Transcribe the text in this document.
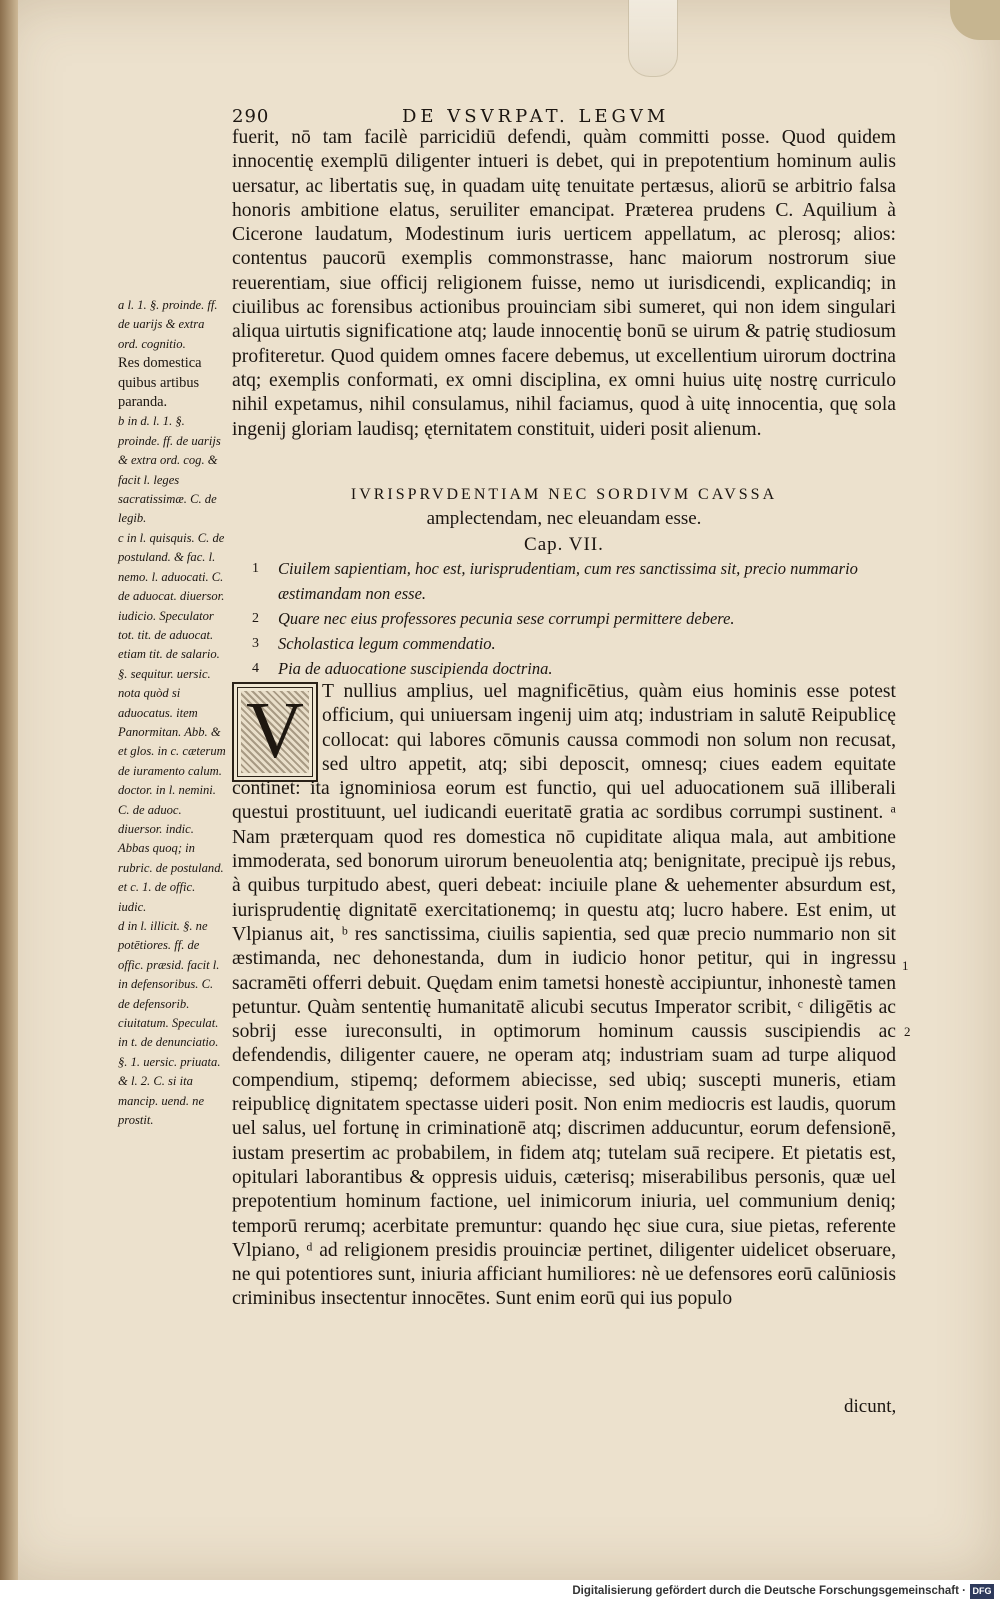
290	DE VSVRPAT. LEGVM

fuerit, nō tam facilè parricidiū defendi, quàm committi posse. Quod quidem innocentię exemplū diligenter intueri is debet, qui in prepotentium hominum aulis uersatur, ac libertatis suę, in quadam uitę tenuitate pertæsus, aliorū se arbitrio falsa honoris ambitione elatus, seruiliter emancipat. Præterea prudens C. Aquilium à Cicerone laudatum, Modestinum iuris uerticem appellatum, ac plerosq; alios: contentus paucorū exemplis commonstrasse, hanc maiorum nostrorum siue reuerentiam, siue officij religionem fuisse, nemo ut iurisdicendi, explicandiq; in ciuilibus ac forensibus actionibus prouinciam sibi sumeret, qui non idem singulari aliqua uirtutis significatione atq; laude innocentię bonū se uirum & patrię studiosum profiteretur. Quod quidem omnes facere debemus, ut excellentium uirorum doctrina atq; exemplis conformati, ex omni disciplina, ex omni huius uitę nostrę curriculo nihil expetamus, nihil consulamus, nihil faciamus, quod à uitę innocentia, quę sola ingenij gloriam laudisq; ęternitatem constituit, uideri posit alienum.

IVRISPRVDENTIAM NEC SORDIVM CAVSSA
amplectendam, nec eleuandam esse.
Cap. VII.
1 Ciuilem sapientiam, hoc est, iurisprudentiam, cum res sanctissima sit, precio nummario æstimandam non esse.
2 Quare nec eius professores pecunia sese corrumpi permittere debere.
3 Scholastica legum commendatio.
4 Pia de aduocatione suscipienda doctrina.
V T nullius amplius, uel magnificētius, quàm eius hominis esse potest officium, qui uniuersam ingenij uim atq; industriam in salutē Reipublicę collocat: qui labores cōmunis caussa commodi non solum non recusat, sed ultro appetit, atq; sibi deposcit, omnesq; ciues eadem equitate continet: ita ignominiosa eorum est functio, qui uel aduocationem suā illiberali questui prostituunt, uel iudicandi eueritatē gratia ac sordibus corrumpi sustinent. ᵃ Nam præterquam quod res domestica nō cupiditate aliqua mala, aut ambitione immoderata, sed bonorum uirorum beneuolentia atq; benignitate, precipuè ijs rebus, à quibus turpitudo abest, queri debeat: inciuile plane & uehementer absurdum est, iurisprudentię dignitatē exercitationemq; in questu atq; lucro habere. Est enim, ut Vlpianus ait, ᵇ res sanctissima, ciuilis sapientia, sed quæ precio nummario non sit æstimanda, nec dehonestanda, dum in iudicio honor petitur, qui in ingressu sacramēti offerri debuit. Quędam enim tametsi honestè accipiuntur, inhonestè tamen petuntur. Quàm sententię humanitatē alicubi secutus Imperator scribit, ᶜ diligētis ac sobrij esse iureconsulti, in optimorum hominum caussis suscipiendis ac defendendis, diligenter cauere, ne operam atq; industriam suam ad turpe aliquod compendium, stipemq; deformem abiecisse, sed ubiq; suscepti muneris, etiam reipublicę dignitatem spectasse uideri posit. Non enim mediocris est laudis, quorum uel salus, uel fortunę in criminationē atq; discrimen adducuntur, eorum defensionē, iustam presertim ac probabilem, in fidem atq; tutelam suā recipere. Et pietatis est, opitulari laborantibus & oppresis uiduis, cæterisq; miserabilibus personis, quæ uel prepotentium hominum factione, uel inimicorum iniuria, uel communium deniq; temporū rerumq; acerbitate premuntur: quando hęc siue cura, siue pietas, referente Vlpiano, ᵈ ad religionem presidis prouinciæ pertinet, diligenter uidelicet obseruare, ne qui potentiores sunt, iniuria afficiant humiliores: nè ue defensores eorū calūniosis criminibus insectentur innocētes. Sunt enim eorū qui ius populo

dicunt,
1
2

a l. 1. §. proinde. ff. de uarijs & extra ord. cognitio.

Res domestica quibus artibus paranda.

b in d. l. 1. §. proinde. ff. de uarijs & extra ord. cog. & facit l. leges sacratissimæ. C. de legib.

c in l. quisquis. C. de postuland. & fac. l. nemo. l. aduocati. C. de aduocat. diuersor. iudicio. Speculator tot. tit. de aduocat. etiam tit. de salario. §. sequitur. uersic. nota quòd si aduocatus. item Panormitan. Abb. & et glos. in c. cæterum de iuramento calum. doctor. in l. nemini. C. de aduoc. diuersor. indic. Abbas quoq; in rubric. de postuland. et c. 1. de offic. iudic.

d in l. illicit. §. ne potētiores. ff. de offic. præsid. facit l. in defensoribus. C. de defensorib. ciuitatum. Speculat. in t. de denunciatio. §. 1. uersic. priuata. & l. 2. C. si ita mancip. uend. ne prostit.

Digitalisierung gefördert durch die Deutsche Forschungsgemeinschaft · DFG
